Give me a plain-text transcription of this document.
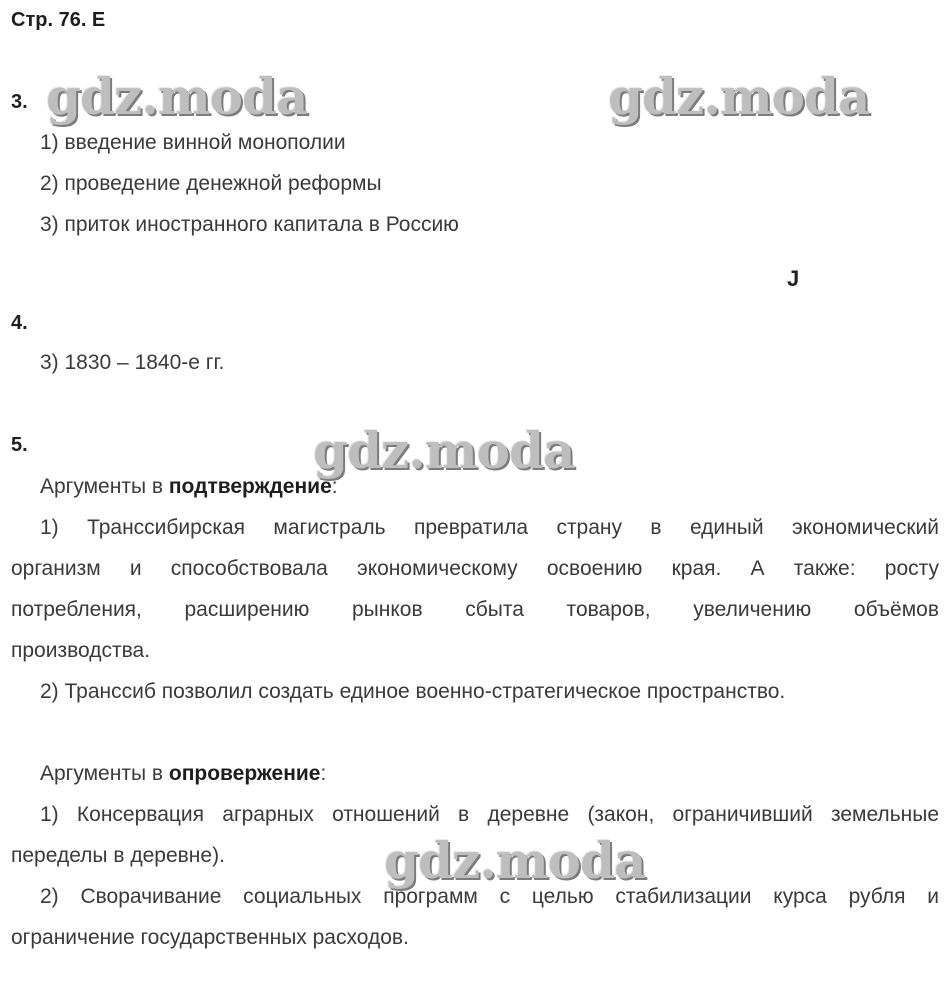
Стр. 76. Е
3. gdz.moda	gdz.moda
1) введение винной монополии
2) проведение денежной реформы
3) приток иностранного капитала в Россию
J
4.
3) 1830 – 1840-е гг.
5.	gdz.moda
Аргументы в подтверждение:
1) Транссибирская магистраль превратила страну в единый экономический
организм и способствовала экономическому освоению края. А также: росту
потребления, расширению рынков сбыта товаров, увеличению объёмов
производства.
2) Транссиб позволил создать единое военно-стратегическое пространство.
Аргументы в опровержение:
1) Консервация аграрных отношений в деревне (закон, ограничивший земельные
переделы в деревне).	gdz.moda
2) Сворачивание социальных программ с целью стабилизации курса рубля и
ограничение государственных расходов.
